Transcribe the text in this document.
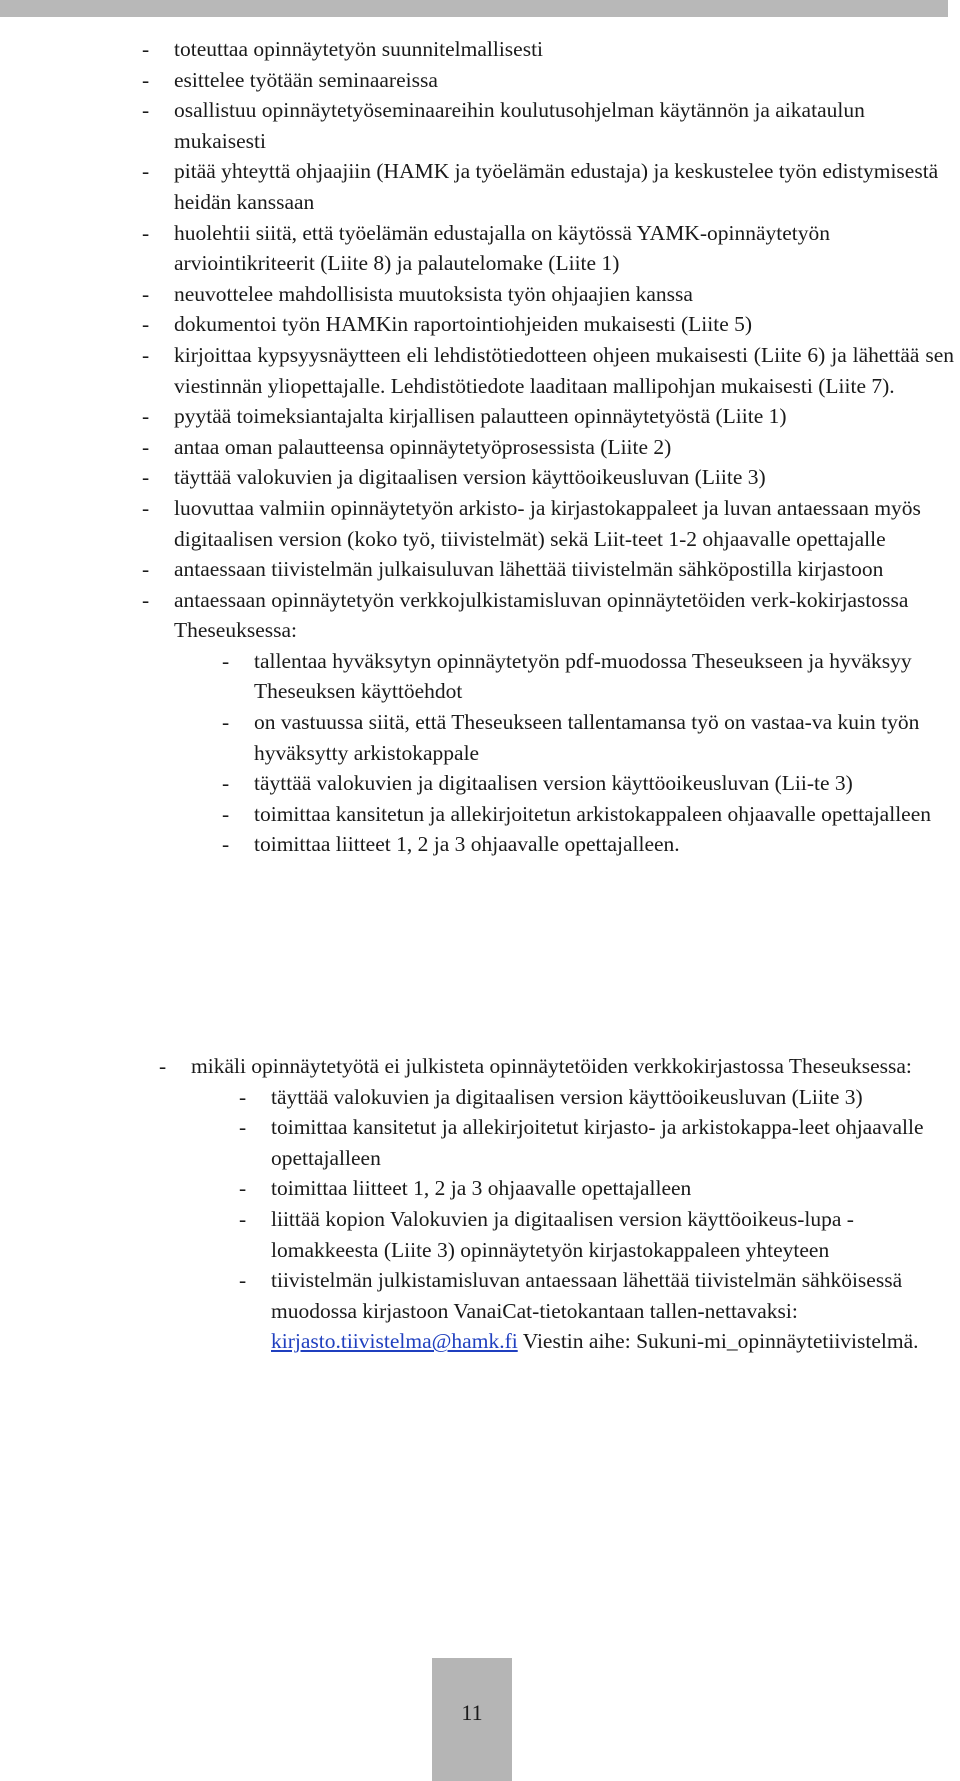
- toteuttaa opinnäytetyön suunnitelmallisesti
- esittelee työtään seminaareissa
- osallistuu opinnäytetyöseminaareihin koulutusohjelman käytännön ja aikataulun mukaisesti
- pitää yhteyttä ohjaajiin (HAMK ja työelämän edustaja) ja keskustelee työn edistymisestä heidän kanssaan
- huolehtii siitä, että työelämän edustajalla on käytössä YAMK-opinnäytetyön arviointikriteerit (Liite 8) ja palautelomake (Liite 1)
- neuvottelee mahdollisista muutoksista työn ohjaajien kanssa
- dokumentoi työn HAMKin raportointiohjeiden mukaisesti (Liite 5)
- kirjoittaa kypsyysnäytteen eli lehdistötiedotteen ohjeen mukaisesti (Liite 6) ja lähettää sen viestinnän yliopettajalle. Lehdistötiedote laaditaan mallipohjan mukaisesti (Liite 7).
- pyytää toimeksiantajalta kirjallisen palautteen opinnäytetyöstä (Liite 1)
- antaa oman palautteensa opinnäytetyöprosessista (Liite 2)
- täyttää valokuvien ja digitaalisen version käyttöoikeusluvan (Liite 3)
- luovuttaa valmiin opinnäytetyön arkisto- ja kirjastokappaleet ja luvan antaessaan myös digitaalisen version (koko työ, tiivistelmät) sekä Liit-teet 1-2 ohjaavalle opettajalle
- antaessaan tiivistelmän julkaisuluvan lähettää tiivistelmän sähköpostilla kirjastoon
- antaessaan opinnäytetyön verkkojulkistamisluvan opinnäytetöiden verk-kokirjastossa Theseuksessa:
- tallentaa hyväksytyn opinnäytetyön pdf-muodossa Theseukseen ja hyväksyy Theseuksen käyttöehdot
- on vastuussa siitä, että Theseukseen tallentamansa työ on vastaa-va kuin työn hyväksytty arkistokappale
- täyttää valokuvien ja digitaalisen version käyttöoikeusluvan (Lii-te 3)
- toimittaa kansitetun ja allekirjoitetun arkistokappaleen ohjaavalle opettajalleen
- toimittaa liitteet 1, 2 ja 3 ohjaavalle opettajalleen.
- mikäli opinnäytetyötä ei julkisteta opinnäytetöiden verkkokirjastossa Theseuksessa:
- täyttää valokuvien ja digitaalisen version käyttöoikeusluvan (Liite 3)
- toimittaa kansitetut ja allekirjoitetut kirjasto- ja arkistokappa-leet ohjaavalle opettajalleen
- toimittaa liitteet 1, 2 ja 3 ohjaavalle opettajalleen
- liittää kopion Valokuvien ja digitaalisen version käyttöoikeus-lupa -lomakkeesta (Liite 3) opinnäytetyön kirjastokappaleen yhteyteen
- tiivistelmän julkistamisluvan antaessaan lähettää tiivistelmän sähköisessä muodossa kirjastoon VanaiCat-tietokantaan tallen-nettavaksi: kirjasto.tiivistelma@hamk.fi Viestin aihe: Sukuni-mi_opinnäytetiivistelmä.
11
